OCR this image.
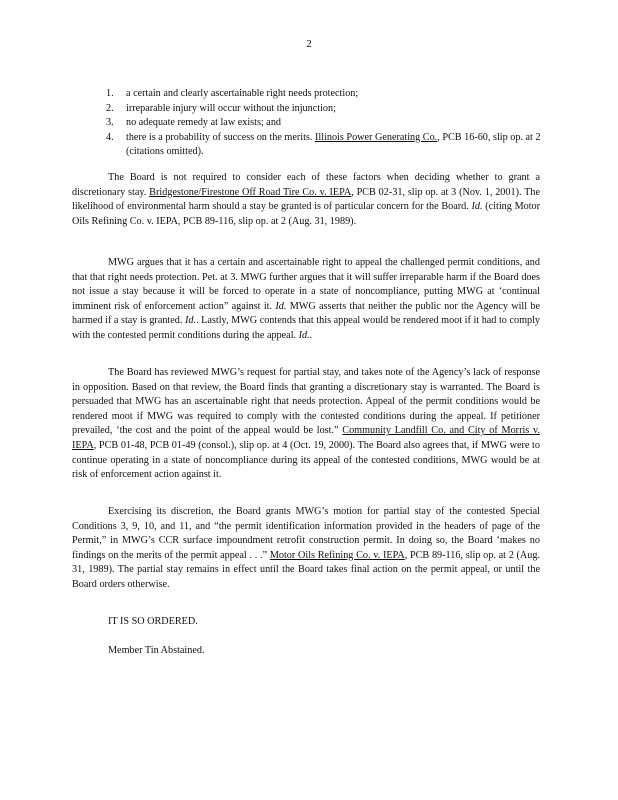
2
1. a certain and clearly ascertainable right needs protection;
2. irreparable injury will occur without the injunction;
3. no adequate remedy at law exists; and
4. there is a probability of success on the merits. Illinois Power Generating Co., PCB 16-60, slip op. at 2 (citations omitted).

The Board is not required to consider each of these factors when deciding whether to grant a discretionary stay. Bridgestone/Firestone Off Road Tire Co. v. IEPA, PCB 02-31, slip op. at 3 (Nov. 1, 2001). The likelihood of environmental harm should a stay be granted is of particular concern for the Board. Id. (citing Motor Oils Refining Co. v. IEPA, PCB 89-116, slip op. at 2 (Aug. 31, 1989).

MWG argues that it has a certain and ascertainable right to appeal the challenged permit conditions, and that that right needs protection. Pet. at 3. MWG further argues that it will suffer irreparable harm if the Board does not issue a stay because it will be forced to operate in a state of noncompliance, putting MWG at ‘continual imminent risk of enforcement action” against it. Id. MWG asserts that neither the public nor the Agency will be harmed if a stay is granted. Id.. Lastly, MWG contends that this appeal would be rendered moot if it had to comply with the contested permit conditions during the appeal. Id..

The Board has reviewed MWG’s request for partial stay, and takes note of the Agency’s lack of response in opposition. Based on that review, the Board finds that granting a discretionary stay is warranted. The Board is persuaded that MWG has an ascertainable right that needs protection. Appeal of the permit conditions would be rendered moot if MWG was required to comply with the contested conditions during the appeal. If petitioner prevailed, ‘the cost and the point of the appeal would be lost.” Community Landfill Co. and City of Morris v. IEPA, PCB 01-48, PCB 01-49 (consol.), slip op. at 4 (Oct. 19, 2000). The Board also agrees that, if MWG were to continue operating in a state of noncompliance during its appeal of the contested conditions, MWG would be at risk of enforcement action against it.

Exercising its discretion, the Board grants MWG’s motion for partial stay of the contested Special Conditions 3, 9, 10, and 11, and “the permit identification information provided in the headers of page of the Permit,” in MWG’s CCR surface impoundment retrofit construction permit. In doing so, the Board ‘makes no findings on the merits of the permit appeal . . .” Motor Oils Refining Co. v. IEPA, PCB 89-116, slip op. at 2 (Aug. 31, 1989). The partial stay remains in effect until the Board takes final action on the permit appeal, or until the Board orders otherwise.

IT IS SO ORDERED.

Member Tin Abstained.
